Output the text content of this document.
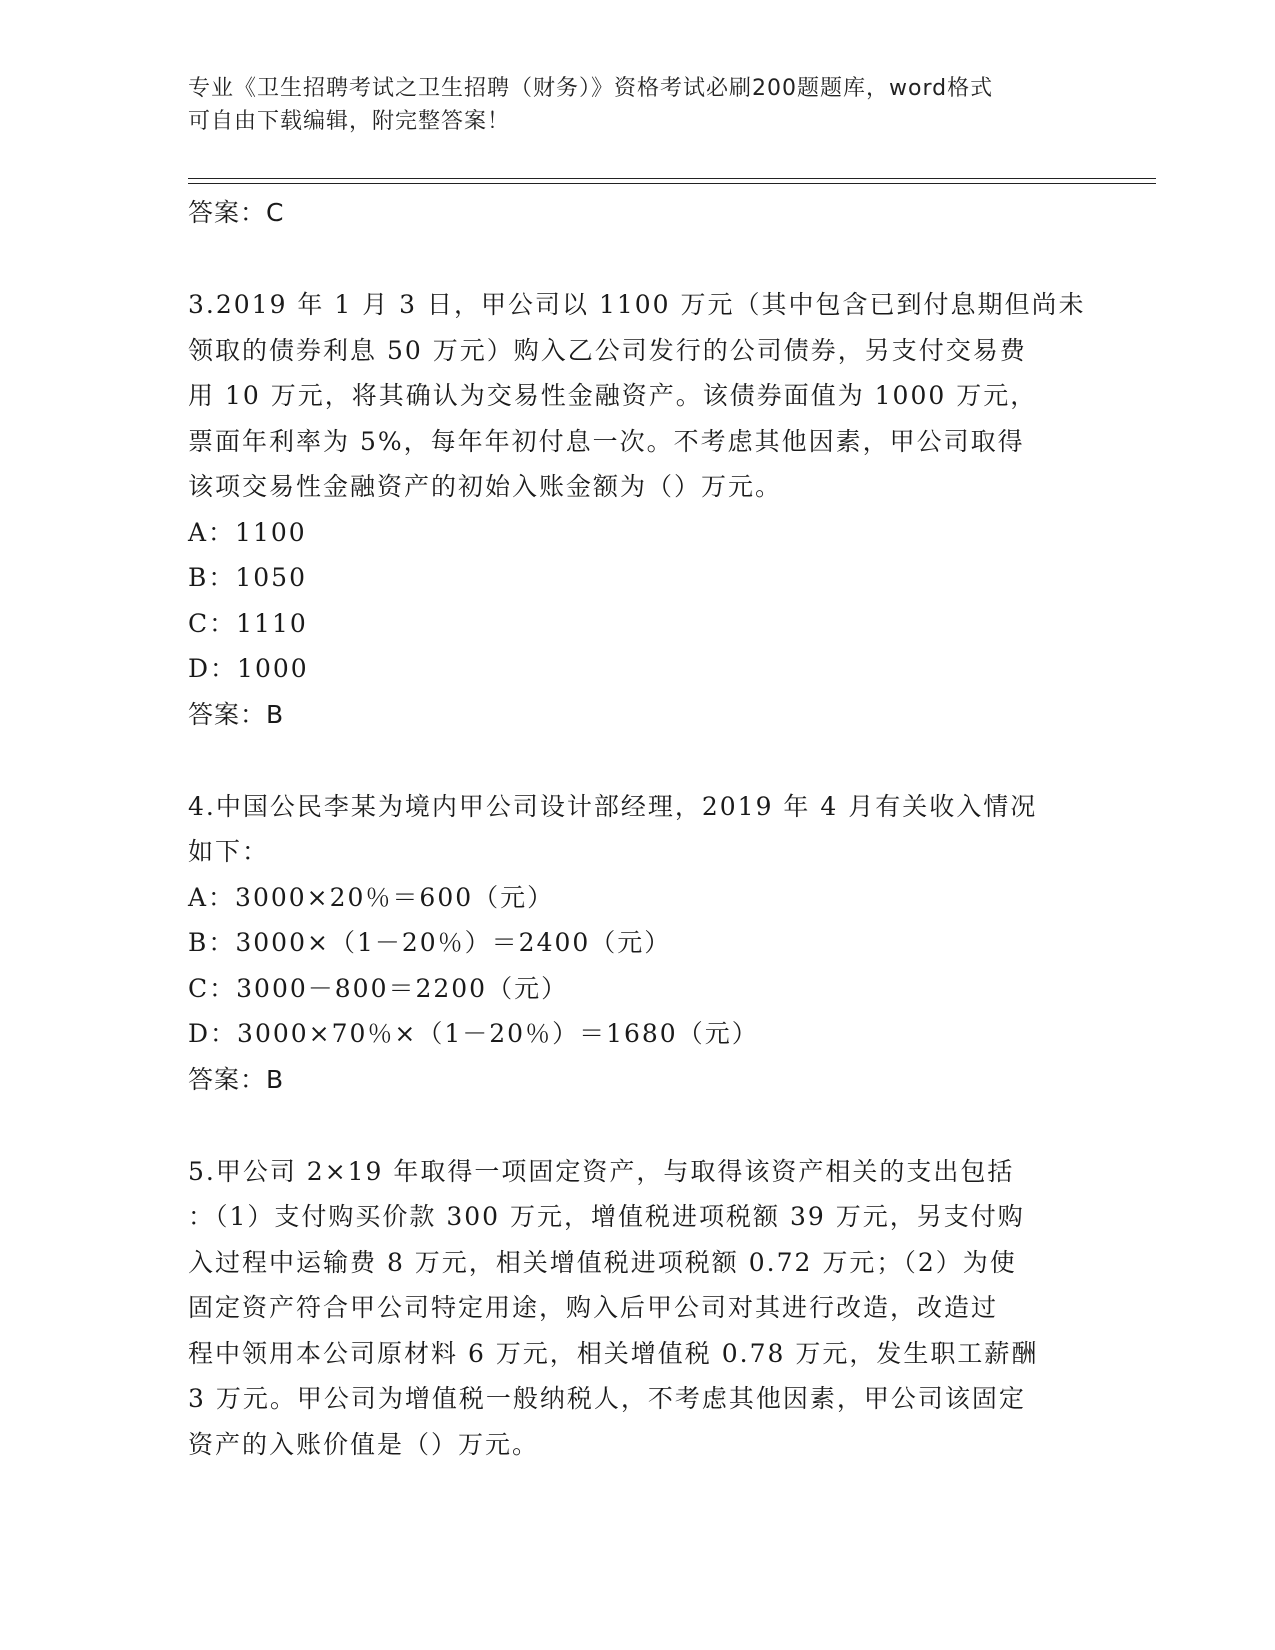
专业《卫生招聘考试之卫生招聘（财务）》资格考试必刷200题题库，word格式
可自由下载编辑，附完整答案！
答案：C
3.2019 年 1 月 3 日，甲公司以 1100 万元（其中包含已到付息期但尚未
领取的债券利息 50 万元）购入乙公司发行的公司债券，另支付交易费
用 10 万元，将其确认为交易性金融资产。该债券面值为 1000 万元，
票面年利率为 5%，每年年初付息一次。不考虑其他因素，甲公司取得
该项交易性金融资产的初始入账金额为（）万元。
A：1100
B：1050
C：1110
D：1000
答案：B
4.中国公民李某为境内甲公司设计部经理，2019 年 4 月有关收入情况
如下：
A：3000×20％＝600（元）
B：3000×（1－20％）＝2400（元）
C：3000－800＝2200（元）
D：3000×70％×（1－20％）＝1680（元）
答案：B
5.甲公司 2×19 年取得一项固定资产，与取得该资产相关的支出包括
：（1）支付购买价款 300 万元，增值税进项税额 39 万元，另支付购
入过程中运输费 8 万元，相关增值税进项税额 0.72 万元；（2）为使
固定资产符合甲公司特定用途，购入后甲公司对其进行改造，改造过
程中领用本公司原材料 6 万元，相关增值税 0.78 万元，发生职工薪酬
3 万元。甲公司为增值税一般纳税人，不考虑其他因素，甲公司该固定
资产的入账价值是（）万元。
